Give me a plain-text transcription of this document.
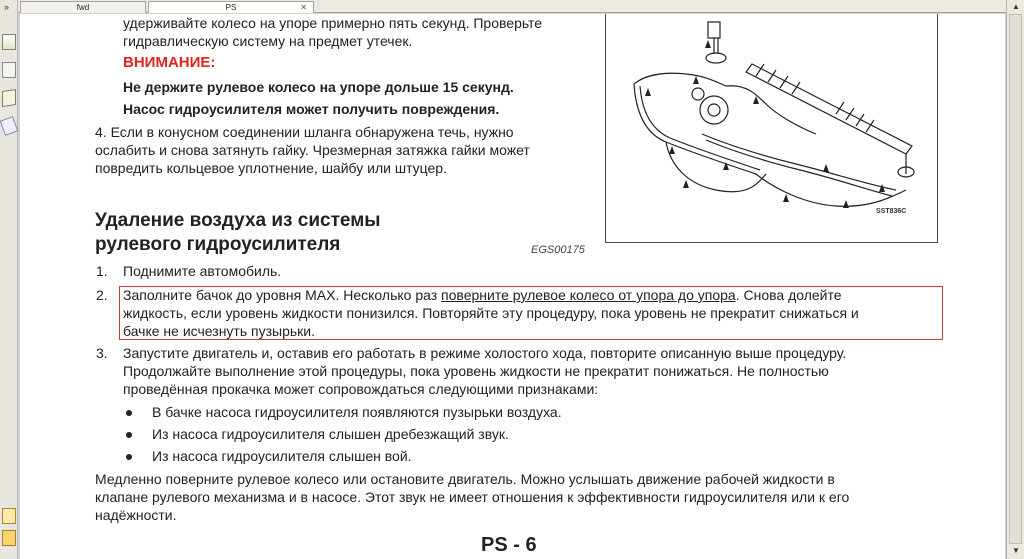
»	fwd	PS	✕	▲
▼
удерживайте колесо на упоре примерно пять секунд. Проверьте
гидравлическую систему на предмет утечек.
ВНИМАНИЕ:
Не держите рулевое колесо на упоре дольше 15 секунд.
Насос гидроусилителя может получить повреждения.
4. Если в конусном соединении шланга обнаружена течь, нужно
ослабить и снова затянуть гайку. Чрезмерная затяжка гайки может
повредить кольцевое уплотнение, шайбу или штуцер.
Удаление воздуха из системы
рулевого гидроусилителя	EGS00175
1. Поднимите автомобиль.
2. Заполните бачок до уровня MAX. Несколько раз поверните рулевое колесо от упора до упора. Снова долейте
жидкость, если уровень жидкости понизился. Повторяйте эту процедуру, пока уровень не прекратит снижаться и
бачке не исчезнуть пузырьки.
3. Запустите двигатель и, оставив его работать в режиме холостого хода, повторите описанную выше процедуру.
Продолжайте выполнение этой процедуры, пока уровень жидкости не прекратит понижаться. Не полностью
проведённая прокачка может сопровождаться следующими признаками:
В бачке насоса гидроусилителя появляются пузырьки воздуха.
Из насоса гидроусилителя слышен дребезжащий звук.
Из насоса гидроусилителя слышен вой.
Медленно поверните рулевое колесо или остановите двигатель. Можно услышать движение рабочей жидкости в
клапане рулевого механизма и в насосе. Этот звук не имеет отношения к эффективности гидроусилителя или к его
надёжности.
PS - 6
SST836C
